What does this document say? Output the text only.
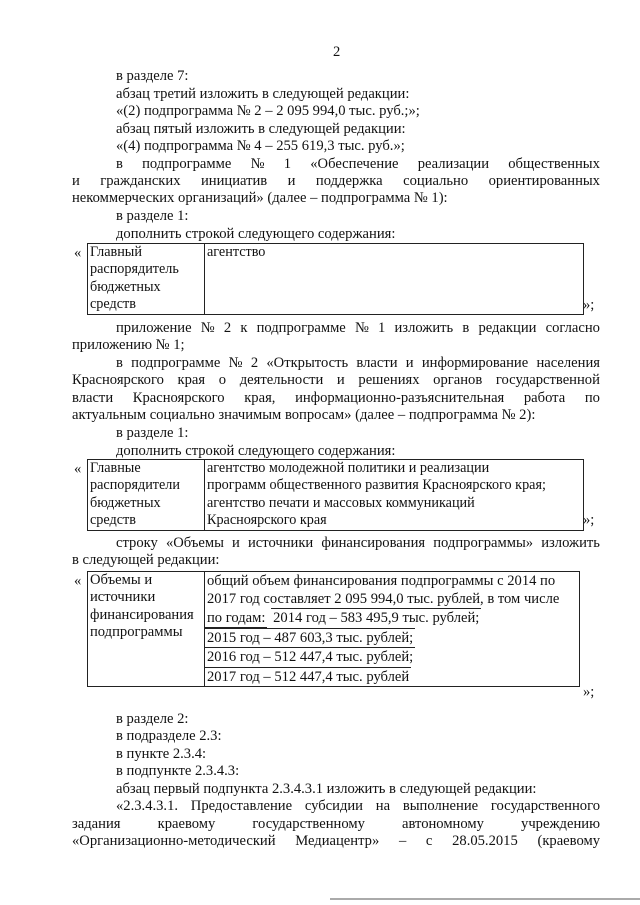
2
в разделе 7:
абзац третий изложить в следующей редакции:
«(2) подпрограмма № 2 – 2 095 994,0 тыс. руб.;»;
абзац пятый изложить в следующей редакции:
«(4) подпрограмма № 4 – 255 619,3 тыс. руб.»;
в подпрограмме № 1 «Обеспечение реализации общественных
и гражданских инициатив и поддержка социально ориентированных
некоммерческих организаций» (далее – подпрограмма № 1):
в разделе 1:
дополнить строкой следующего содержания:
« Главный
распорядитель
бюджетных
средств

агентство
»;
приложение № 2 к подпрограмме № 1 изложить в редакции согласно
приложению № 1;
в подпрограмме № 2 «Открытость власти и информирование населения
Красноярского края о деятельности и решениях органов государственной
власти Красноярского края, информационно-разъяснительная работа по
актуальным социально значимым вопросам» (далее – подпрограмма № 2):
в разделе 1:
дополнить строкой следующего содержания:
« Главные
распорядители
бюджетных
средств

агентство молодежной политики и реализации
программ общественного развития Красноярского края;
агентство печати и массовых коммуникаций
Красноярского края	»;
строку «Объемы и источники финансирования подпрограммы» изложить
в следующей редакции:
« Объемы и
источники
финансирования
подпрограммы

общий объем финансирования подпрограммы с 2014 по
2017 год составляет 2 095 994,0 тыс. рублей, в том числе
по годам: 2014 год – 583 495,9 тыс. рублей; 2015 год – 487 603,3 тыс. рублей; 2016 год – 512 447,4 тыс. рублей; 2017 год – 512 447,4 тыс. рублей
»;
в разделе 2:
в подразделе 2.3:
в пункте 2.3.4:
в подпункте 2.3.4.3:
абзац первый подпункта 2.3.4.3.1 изложить в следующей редакции:
«2.3.4.3.1. Предоставление субсидии на выполнение государственного
задания	краевому	государственному	автономному	учреждению
«Организационно-методический Медиацентр» – с 28.05.2015 (краевому
